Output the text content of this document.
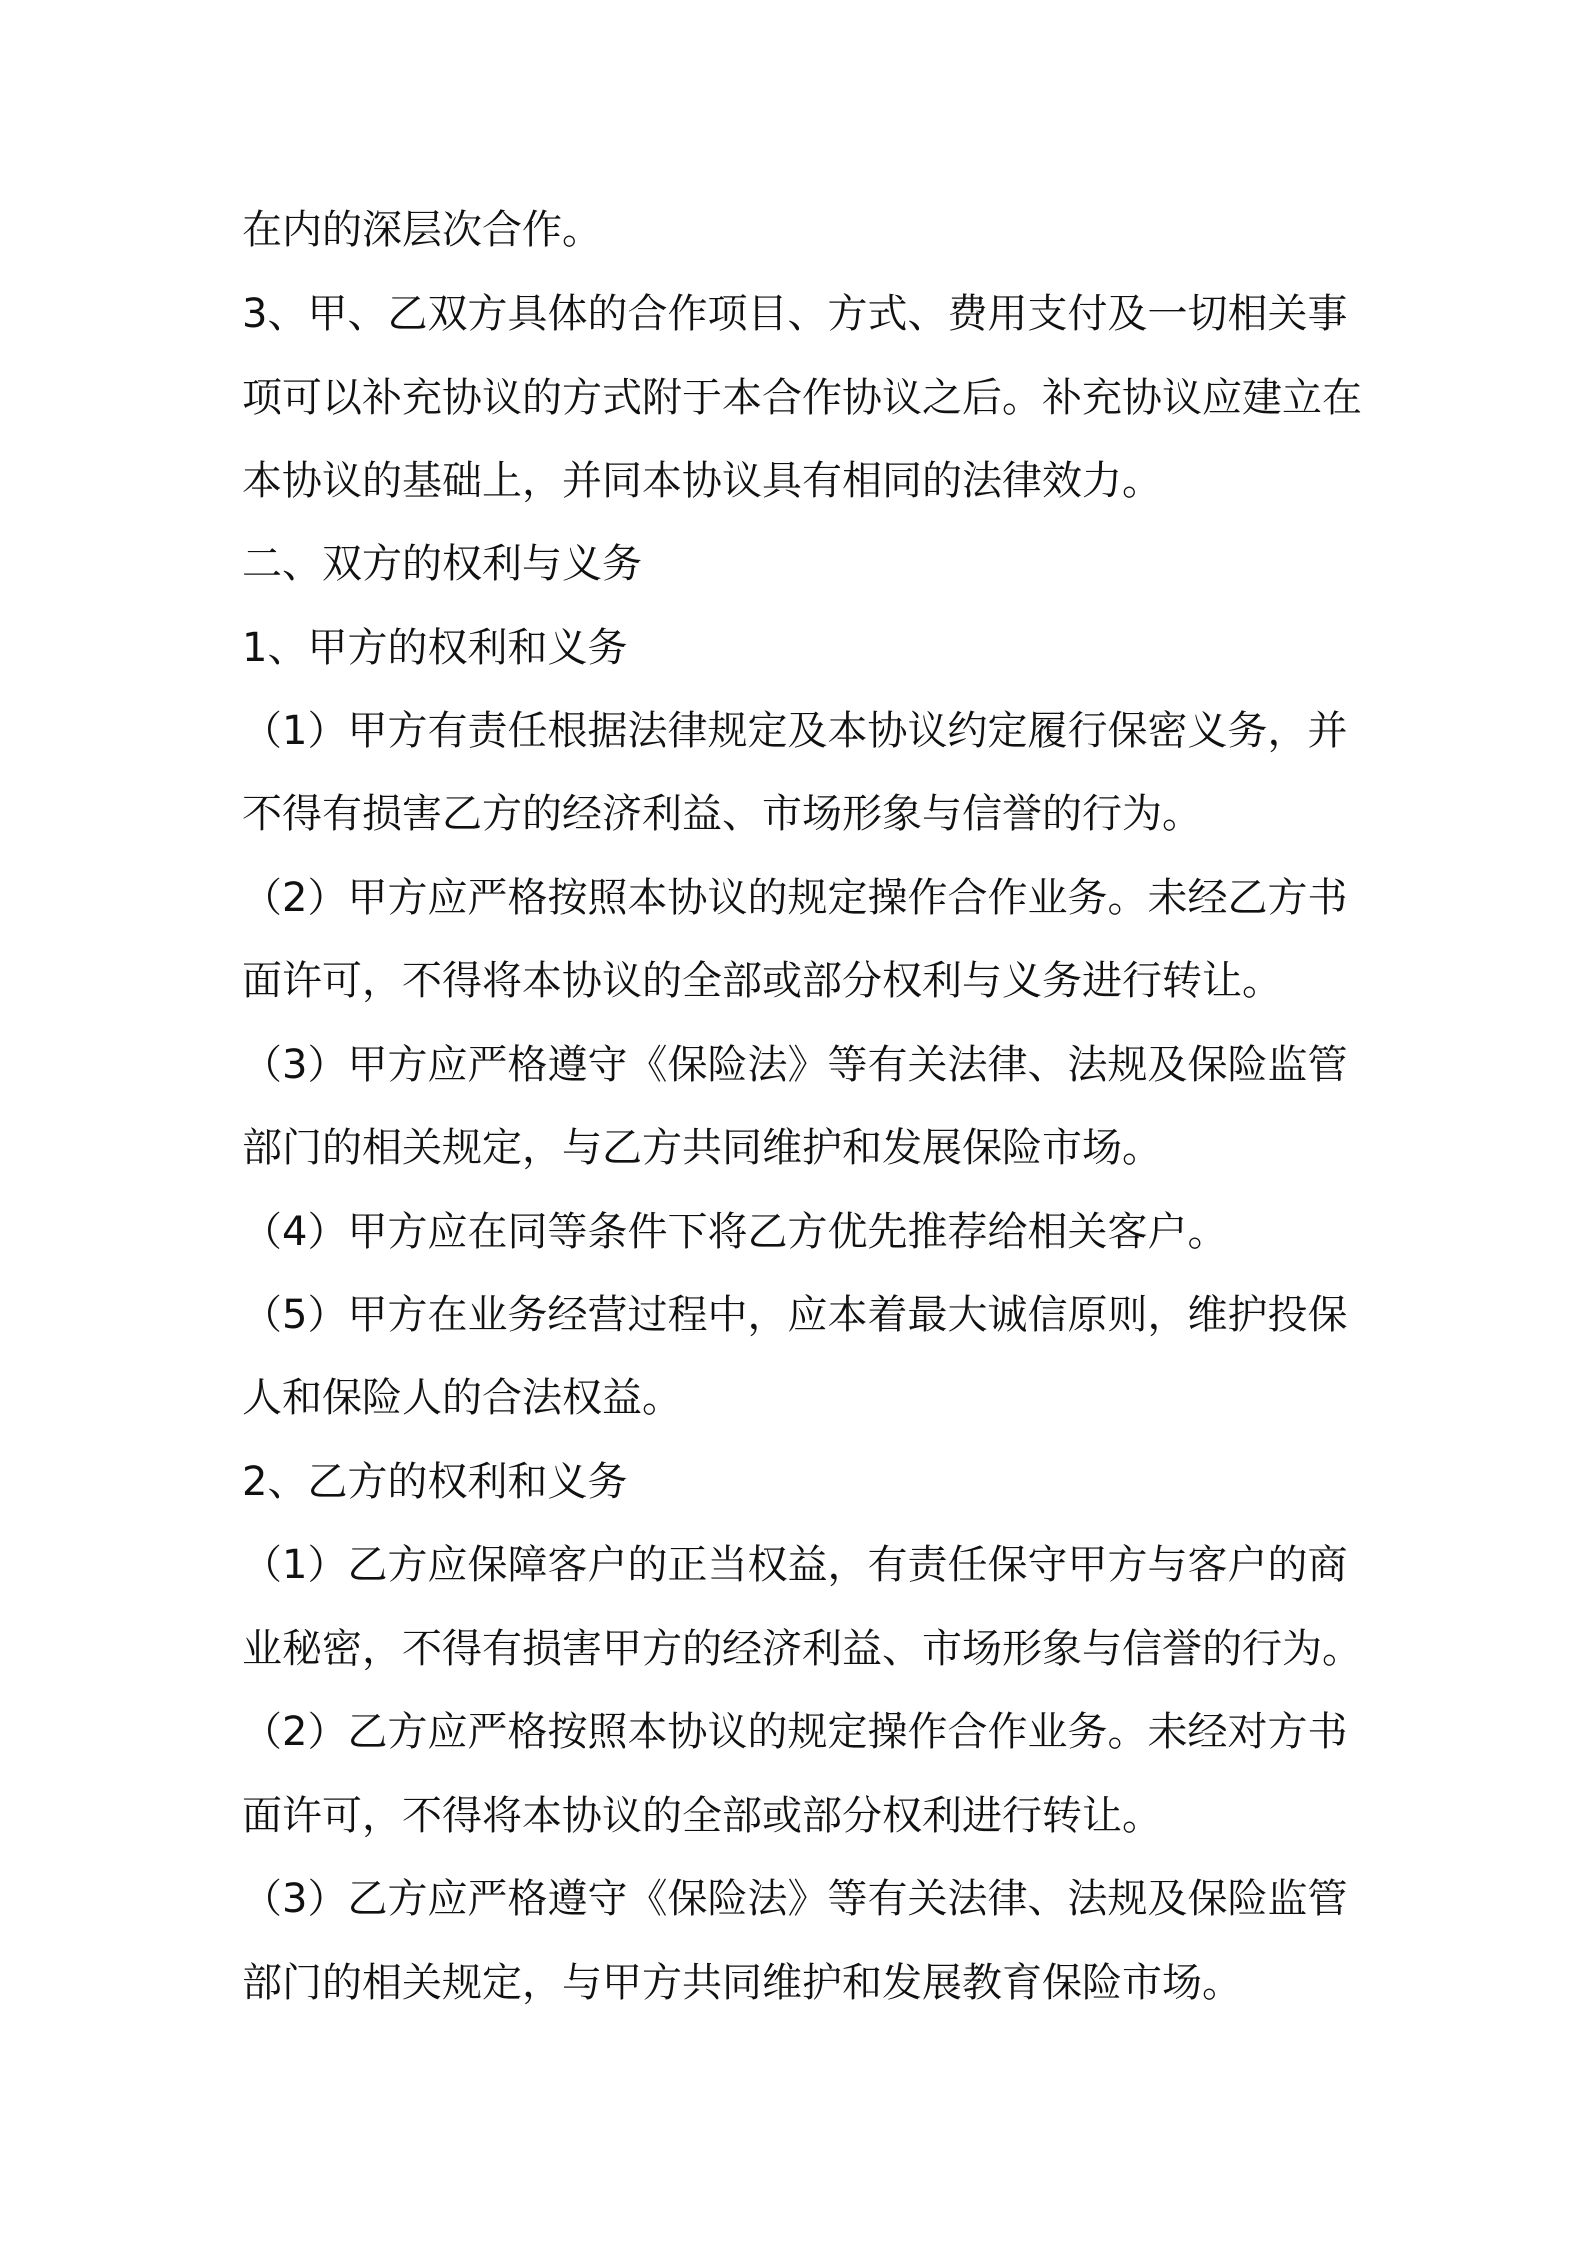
在内的深层次合作。
3、甲、乙双方具体的合作项目、方式、费用支付及一切相关事
项可以补充协议的方式附于本合作协议之后。补充协议应建立在
本协议的基础上，并同本协议具有相同的法律效力。
二、双方的权利与义务
1、甲方的权利和义务
（1）甲方有责任根据法律规定及本协议约定履行保密义务，并
不得有损害乙方的经济利益、市场形象与信誉的行为。
（2）甲方应严格按照本协议的规定操作合作业务。未经乙方书
面许可，不得将本协议的全部或部分权利与义务进行转让。
（3）甲方应严格遵守《保险法》等有关法律、法规及保险监管
部门的相关规定，与乙方共同维护和发展保险市场。
（4）甲方应在同等条件下将乙方优先推荐给相关客户。
（5）甲方在业务经营过程中，应本着最大诚信原则，维护投保
人和保险人的合法权益。
2、乙方的权利和义务
（1）乙方应保障客户的正当权益，有责任保守甲方与客户的商
业秘密，不得有损害甲方的经济利益、市场形象与信誉的行为。
（2）乙方应严格按照本协议的规定操作合作业务。未经对方书
面许可，不得将本协议的全部或部分权利进行转让。
（3）乙方应严格遵守《保险法》等有关法律、法规及保险监管
部门的相关规定，与甲方共同维护和发展教育保险市场。
